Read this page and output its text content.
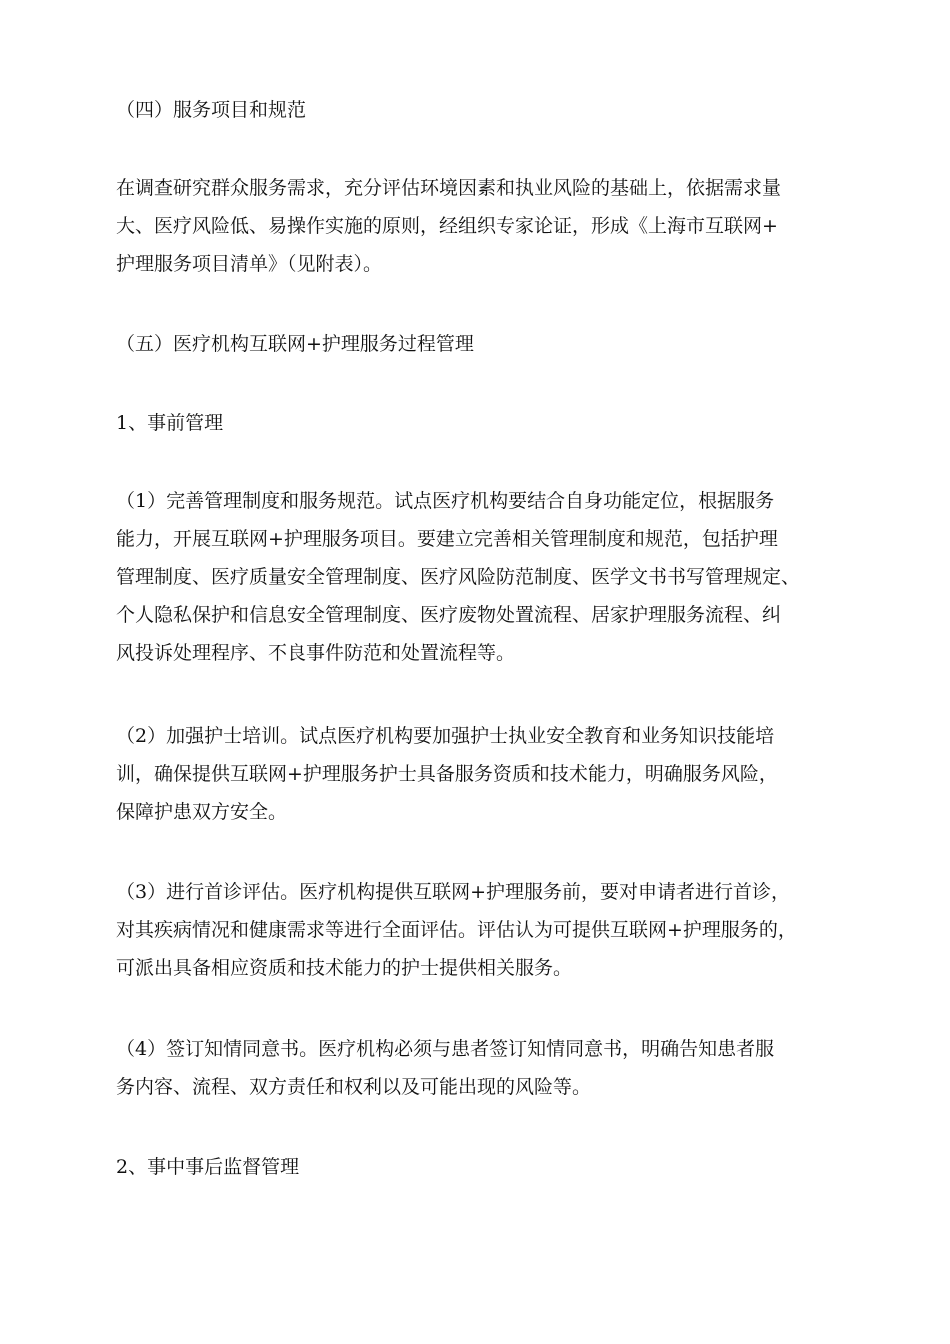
（四）服务项目和规范

在调查研究群众服务需求，充分评估环境因素和执业风险的基础上，依据需求量
大、医疗风险低、易操作实施的原则，经组织专家论证，形成《上海市互联网+
护理服务项目清单》（见附表）。

（五）医疗机构互联网+护理服务过程管理

1、事前管理

（1）完善管理制度和服务规范。试点医疗机构要结合自身功能定位，根据服务
能力，开展互联网+护理服务项目。要建立完善相关管理制度和规范，包括护理
管理制度、医疗质量安全管理制度、医疗风险防范制度、医学文书书写管理规定、
个人隐私保护和信息安全管理制度、医疗废物处置流程、居家护理服务流程、纠
风投诉处理程序、不良事件防范和处置流程等。

（2）加强护士培训。试点医疗机构要加强护士执业安全教育和业务知识技能培
训，确保提供互联网+护理服务护士具备服务资质和技术能力，明确服务风险，
保障护患双方安全。

（3）进行首诊评估。医疗机构提供互联网+护理服务前，要对申请者进行首诊，
对其疾病情况和健康需求等进行全面评估。评估认为可提供互联网+护理服务的，
可派出具备相应资质和技术能力的护士提供相关服务。

（4）签订知情同意书。医疗机构必须与患者签订知情同意书，明确告知患者服
务内容、流程、双方责任和权利以及可能出现的风险等。

2、事中事后监督管理
